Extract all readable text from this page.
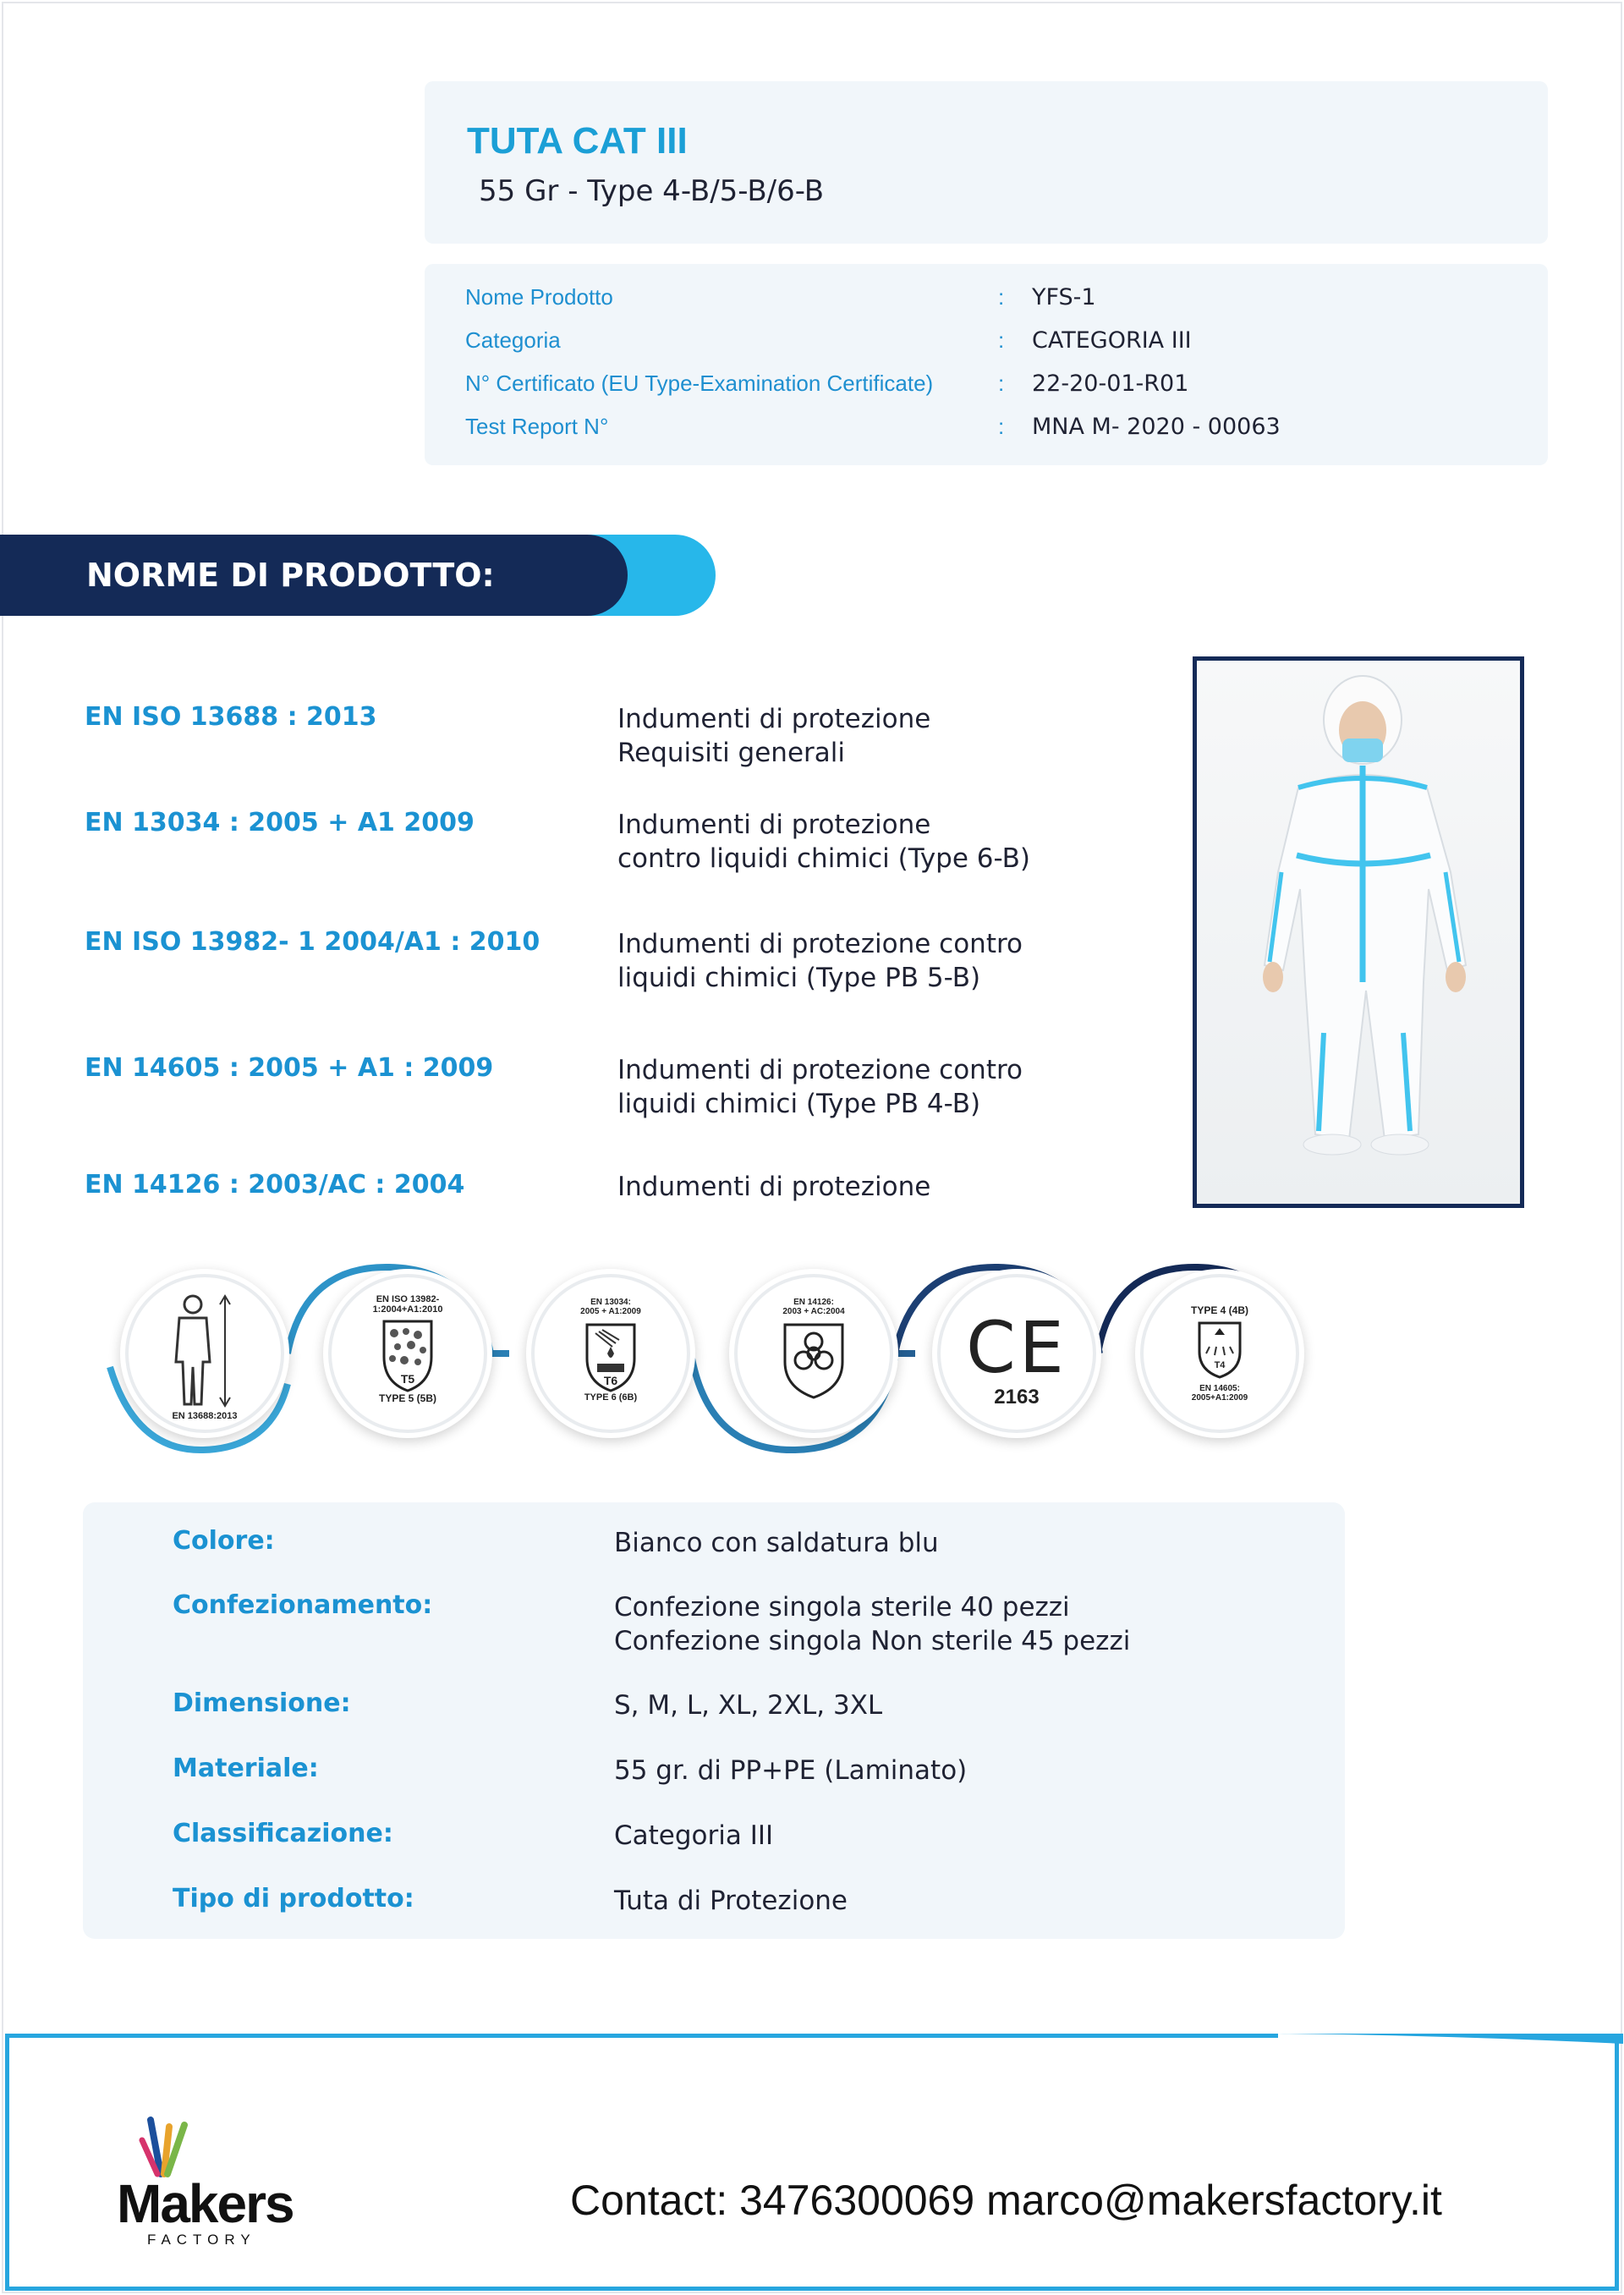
TUTA CAT III
55 Gr - Type 4-B/5-B/6-B
Nome Prodotto	: YFS-1
Categoria	: CATEGORIA III
N° Certificato (EU Type-Examination Certificate)	: 22-20-01-R01
Test Report N°	: MNA M- 2020 - 00063
NORME DI PRODOTTO:
EN ISO 13688 : 2013	Indumenti di protezione
Requisiti generali
EN 13034 : 2005 + A1 2009	Indumenti di protezione
contro liquidi chimici (Type 6-B)
EN ISO 13982- 1 2004/A1 : 2010	Indumenti di protezione contro
liquidi chimici (Type PB 5-B)
EN 14605 : 2005 + A1 : 2009	Indumenti di protezione contro
liquidi chimici (Type PB 4-B)
EN 14126 : 2003/AC : 2004	Indumenti di protezione
EN 13688:2013
EN ISO 13982-
1:2004+A1:2010
T5
TYPE 5 (5B)
EN 13034:
2005 + A1:2009
T6
TYPE 6 (6B)
EN 14126:
2003 + AC:2004	CE
2163
TYPE 4 (4B)
T4
EN 14605:
2005+A1:2009
Colore:	Bianco con saldatura blu
Confezionamento:	Confezione singola sterile 40 pezzi
Confezione singola Non sterile 45 pezzi
Dimensione:	S, M, L, XL, 2XL, 3XL
Materiale:	55 gr. di PP+PE (Laminato)
Classificazione:	Categoria III
Tipo di prodotto:	Tuta di Protezione
Makers
FACTORY
Contact: 3476300069 marco@makersfactory.it
